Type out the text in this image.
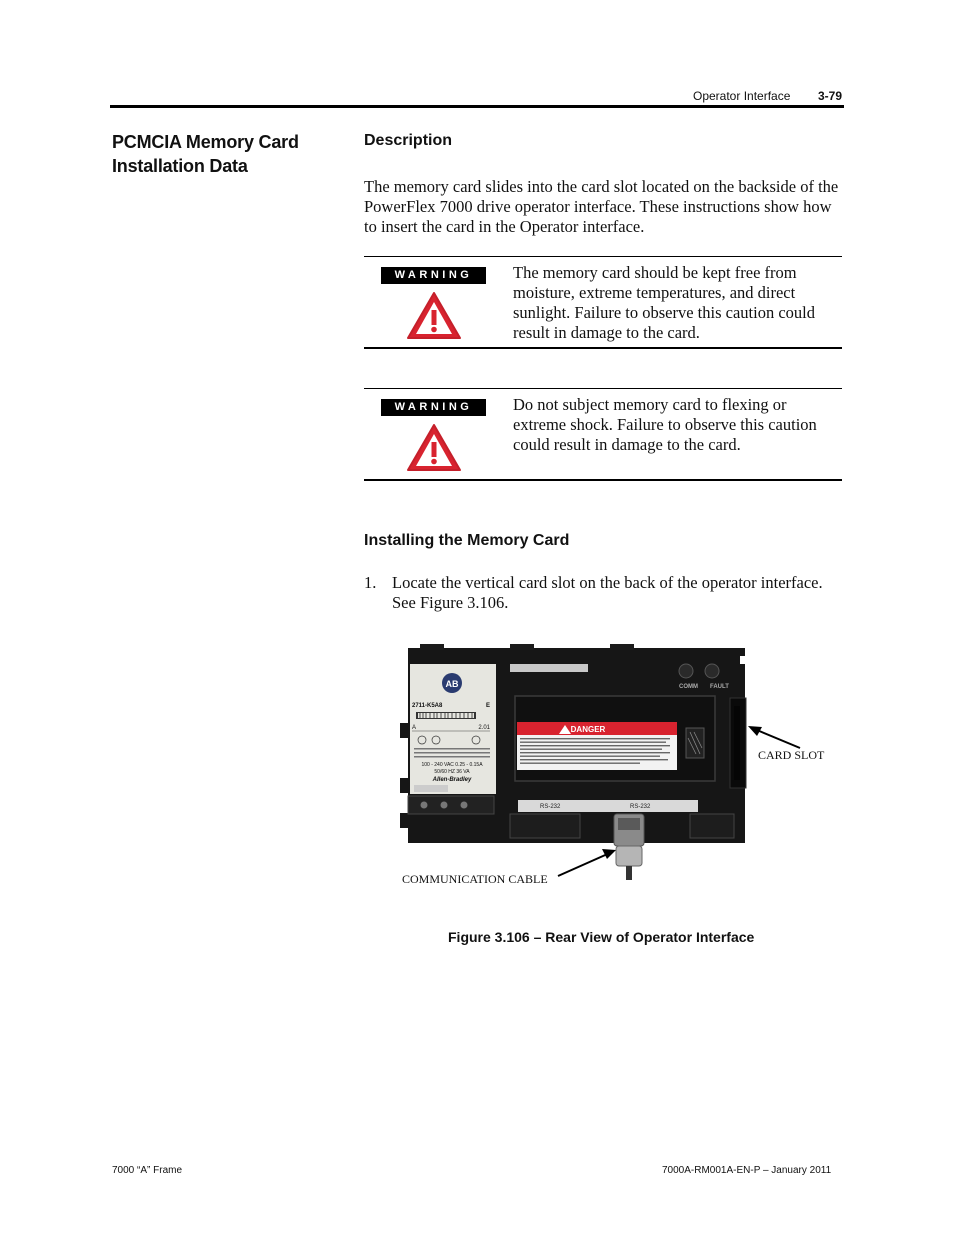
Operator Interface 3-79
PCMCIA Memory Card Installation Data
Description
The memory card slides into the card slot located on the backside of the PowerFlex 7000 drive operator interface. These instructions show how to insert the card in the Operator interface.
WARNING	The memory card should be kept free from moisture, extreme temperatures, and direct sunlight. Failure to observe this caution could result in damage to the card.
WARNING	Do not subject memory card to flexing or extreme shock. Failure to observe this caution could result in damage to the card.
Installing the Memory Card
1. Locate the vertical card slot on the back of the operator interface. See Figure 3.106.
AB
2711-K5A8	E
A	2.01
100 - 240 VAC 0.25 - 0.15A
50/60 HZ 36 VA
Allen-Bradley
COMM FAULT
DANGER
RS-232	RS-232
CARD SLOT
COMMUNICATION CABLE
Figure 3.106 – Rear View of Operator Interface
7000 “A” Frame	7000A-RM001A-EN-P – January 2011
